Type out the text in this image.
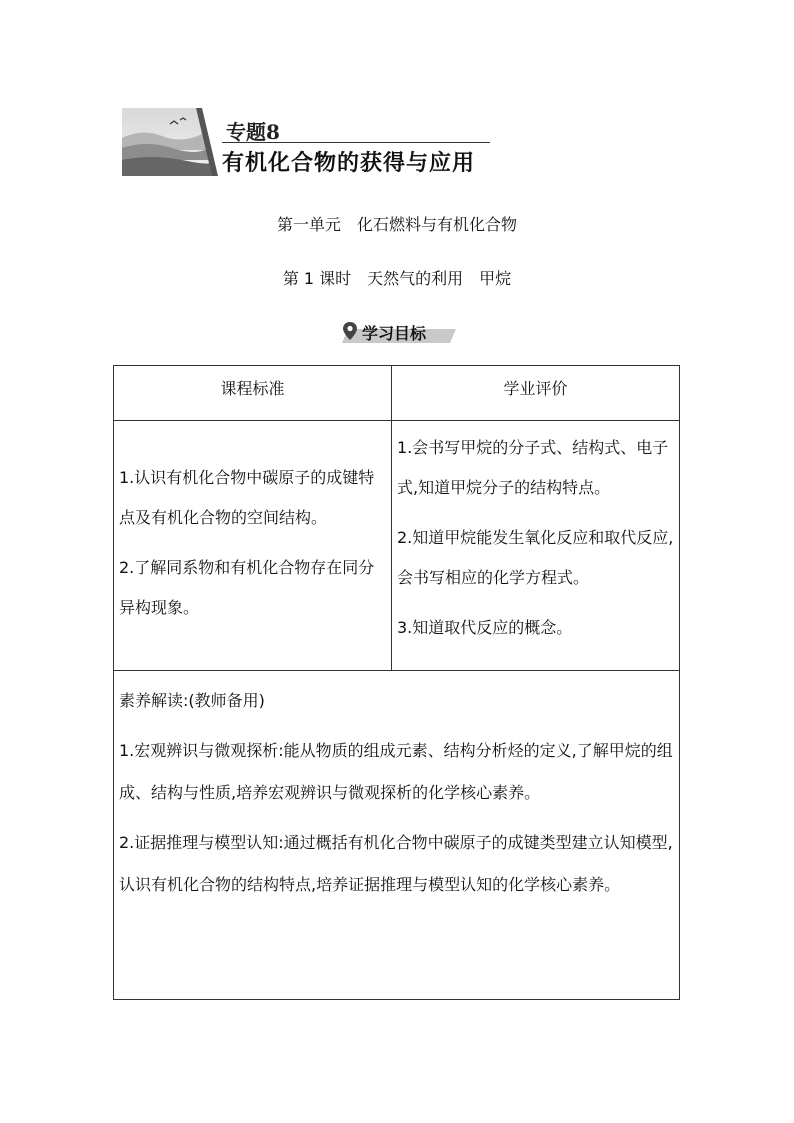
专题8
有机化合物的获得与应用
第一单元　化石燃料与有机化合物
第 1 课时　天然气的利用　甲烷
学习目标
课程标准	学业评价

1.认识有机化合物中碳原子的成键特点及有机化合物的空间结构。

2.了解同系物和有机化合物存在同分异构现象。

1.会书写甲烷的分子式、结构式、电子式,知道甲烷分子的结构特点。

2.知道甲烷能发生氧化反应和取代反应,会书写相应的化学方程式。

3.知道取代反应的概念。

素养解读:(教师备用)

1.宏观辨识与微观探析:能从物质的组成元素、结构分析烃的定义,了解甲烷的组成、结构与性质,培养宏观辨识与微观探析的化学核心素养。

2.证据推理与模型认知:通过概括有机化合物中碳原子的成键类型建立认知模型,认识有机化合物的结构特点,培养证据推理与模型认知的化学核心素养。
